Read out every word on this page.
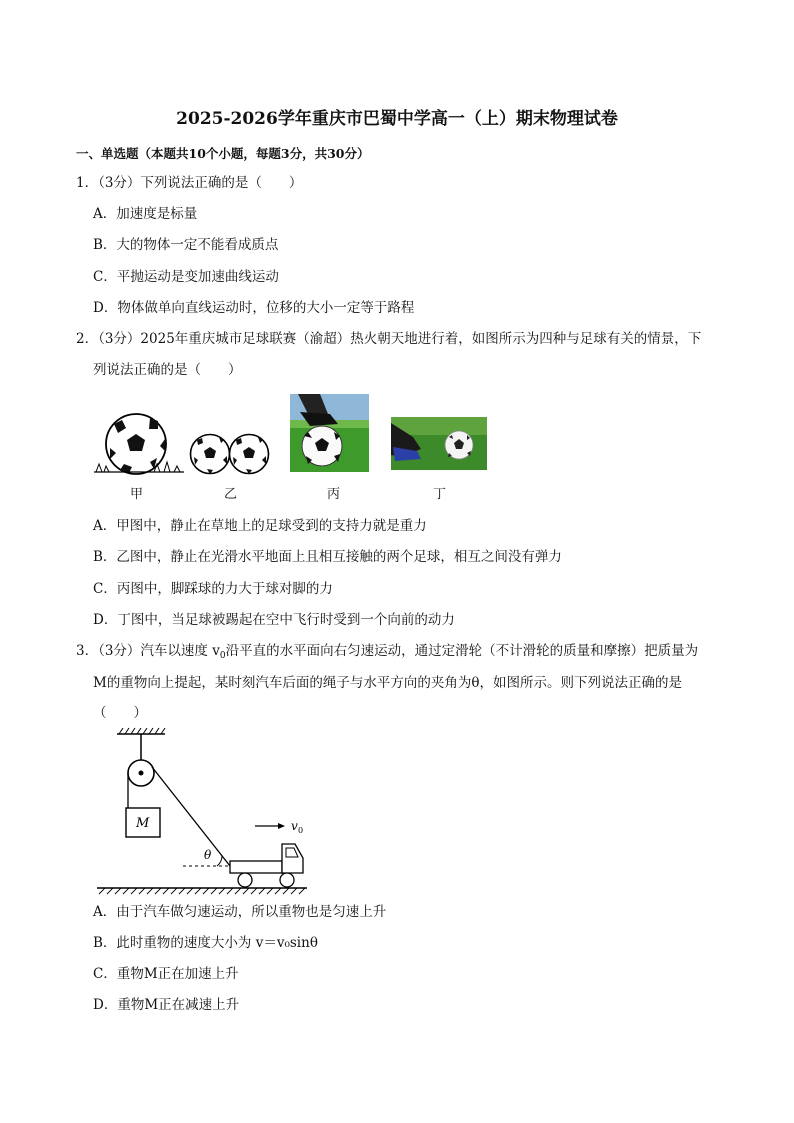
2025-2026学年重庆市巴蜀中学高一（上）期末物理试卷
一、单选题（本题共10个小题，每题3分，共30分）
1．（3分）下列说法正确的是（　　）
A．加速度是标量
B．大的物体一定不能看成质点
C．平抛运动是变加速曲线运动
D．物体做单向直线运动时，位移的大小一定等于路程
2．（3分）2025年重庆城市足球联赛（渝超）热火朝天地进行着，如图所示为四种与足球有关的情景，下
列说法正确的是（　　）
甲	乙	丙	丁
A．甲图中，静止在草地上的足球受到的支持力就是重力
B．乙图中，静止在光滑水平地面上且相互接触的两个足球，相互之间没有弹力
C．丙图中，脚踩球的力大于球对脚的力
D．丁图中，当足球被踢起在空中飞行时受到一个向前的动力
3．（3分）汽车以速度 $v_0$沿平直的水平面向右匀速运动，通过定滑轮（不计滑轮的质量和摩擦）把质量为
M的重物向上提起，某时刻汽车后面的绳子与水平方向的夹角为θ，如图所示。则下列说法正确的是
（　　）
M
θ
v 0
A．由于汽车做匀速运动，所以重物也是匀速上升
B．此时重物的速度大小为 v＝v₀sinθ
C．重物M正在加速上升
D．重物M正在减速上升
